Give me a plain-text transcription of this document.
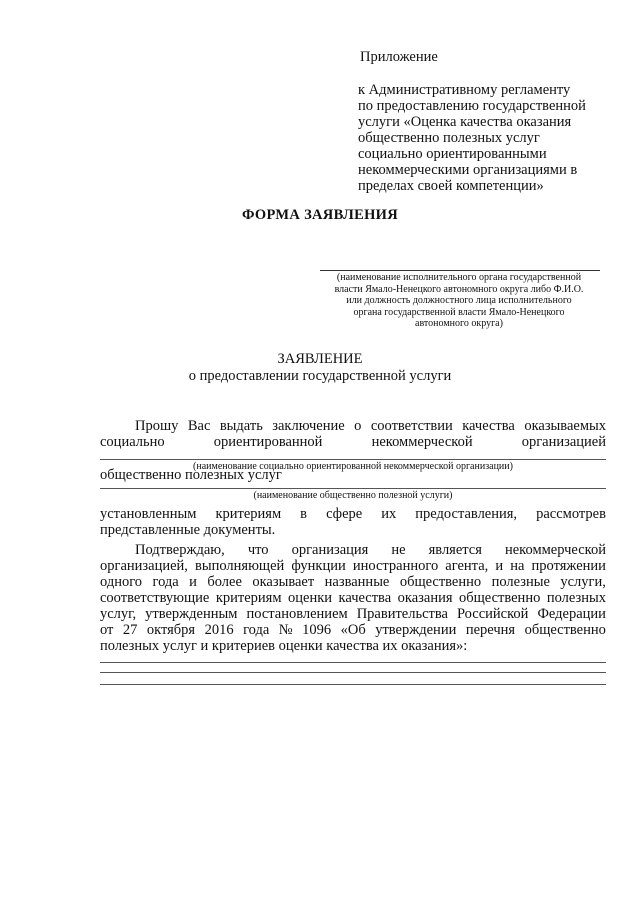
Приложение
к Административному регламенту
по предоставлению государственной
услуги «Оценка качества оказания
общественно полезных услуг
социально ориентированными
некоммерческими организациями в
пределах своей компетенции»
ФОРМА ЗАЯВЛЕНИЯ
(наименование исполнительного органа государственной
власти Ямало-Ненецкого автономного округа либо Ф.И.О.
или должность должностного лица исполнительного
органа государственной власти Ямало-Ненецкого
автономного округа)
ЗАЯВЛЕНИЕ
о предоставлении государственной услуги
Прошу Вас выдать заключение о соответствии качества оказываемых
социально	ориентированной	некоммерческой	организацией
(наименование социально ориентированной некоммерческой организации)
общественно полезных услуг
(наименование общественно полезной услуги)
установленным критериям в сфере их предоставления, рассмотрев
представленные документы.
Подтверждаю, что организация не является некоммерческой
организацией, выполняющей функции иностранного агента, и на протяжении
одного года и более оказывает названные общественно полезные услуги,
соответствующие критериям оценки качества оказания общественно полезных
услуг, утвержденным постановлением Правительства Российской Федерации
от 27 октября 2016 года № 1096 «Об утверждении перечня общественно
полезных услуг и критериев оценки качества их оказания»:
